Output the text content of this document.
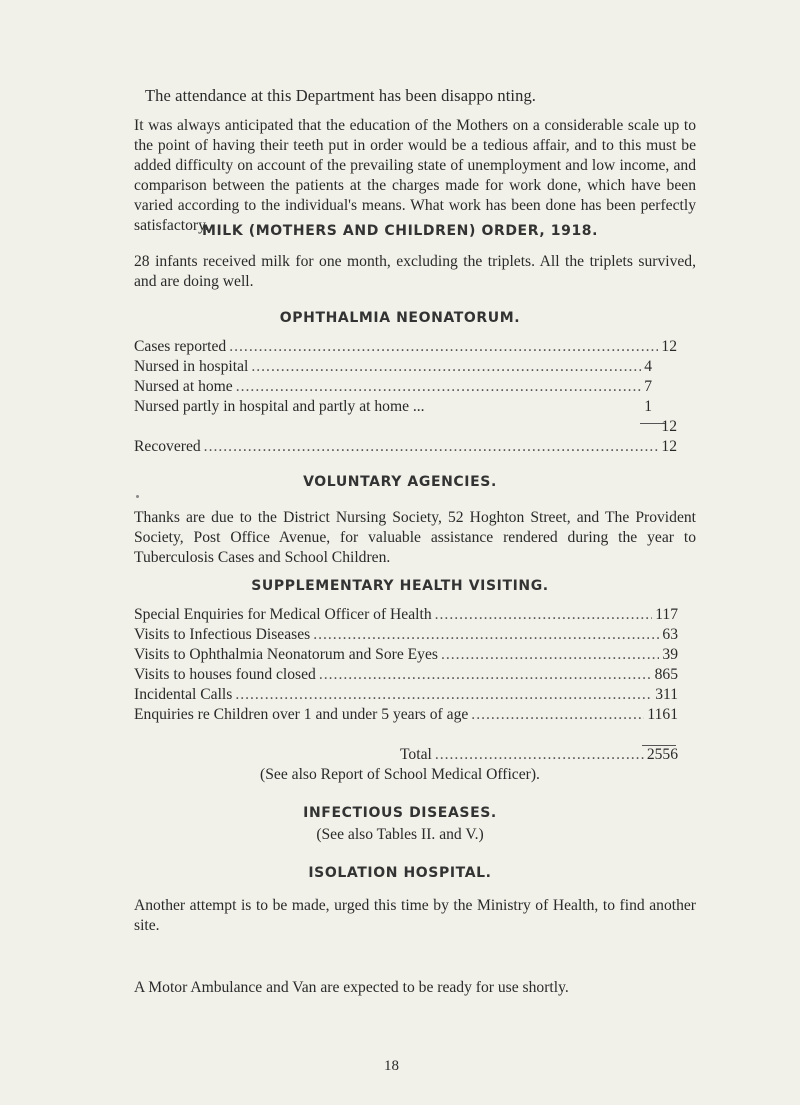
The attendance at this Department has been disappo nting.

It was always anticipated that the education of the Mothers on a considerable scale up to the point of having their teeth put in order would be a tedious affair, and to this must be added difficulty on account of the prevailing state of unemployment and low income, and comparison between the patients at the charges made for work done, which have been varied according to the individual's means. What work has been done has been perfectly satisfactory.

MILK (MOTHERS AND CHILDREN) ORDER, 1918.

28 infants received milk for one month, excluding the triplets. All the triplets survived, and are doing well.

OPHTHALMIA NEONATORUM.
Cases reported .....	12
Nursed in hospital .....	4
Nursed at home .....	7
Nursed partly in hospital and partly at home ...	1
12
Recovered .....	12
VOLUNTARY AGENCIES.

Thanks are due to the District Nursing Society, 52 Hoghton Street, and The Provident Society, Post Office Avenue, for valuable assistance rendered during the year to Tuberculosis Cases and School Children.

SUPPLEMENTARY HEALTH VISITING.
Special Enquiries for Medical Officer of Health .....	117
Visits to Infectious Diseases .....	63
Visits to Ophthalmia Neonatorum and Sore Eyes .....	39
Visits to houses found closed .....	865
Incidental Calls .....	311
Enquiries re Children over 1 and under 5 years of age .....	1161
Total .....	2556
(See also Report of School Medical Officer).
INFECTIOUS DISEASES.
(See also Tables II. and V.)
ISOLATION HOSPITAL.

Another attempt is to be made, urged this time by the Ministry of Health, to find another site.

A Motor Ambulance and Van are expected to be ready for use shortly.

18
